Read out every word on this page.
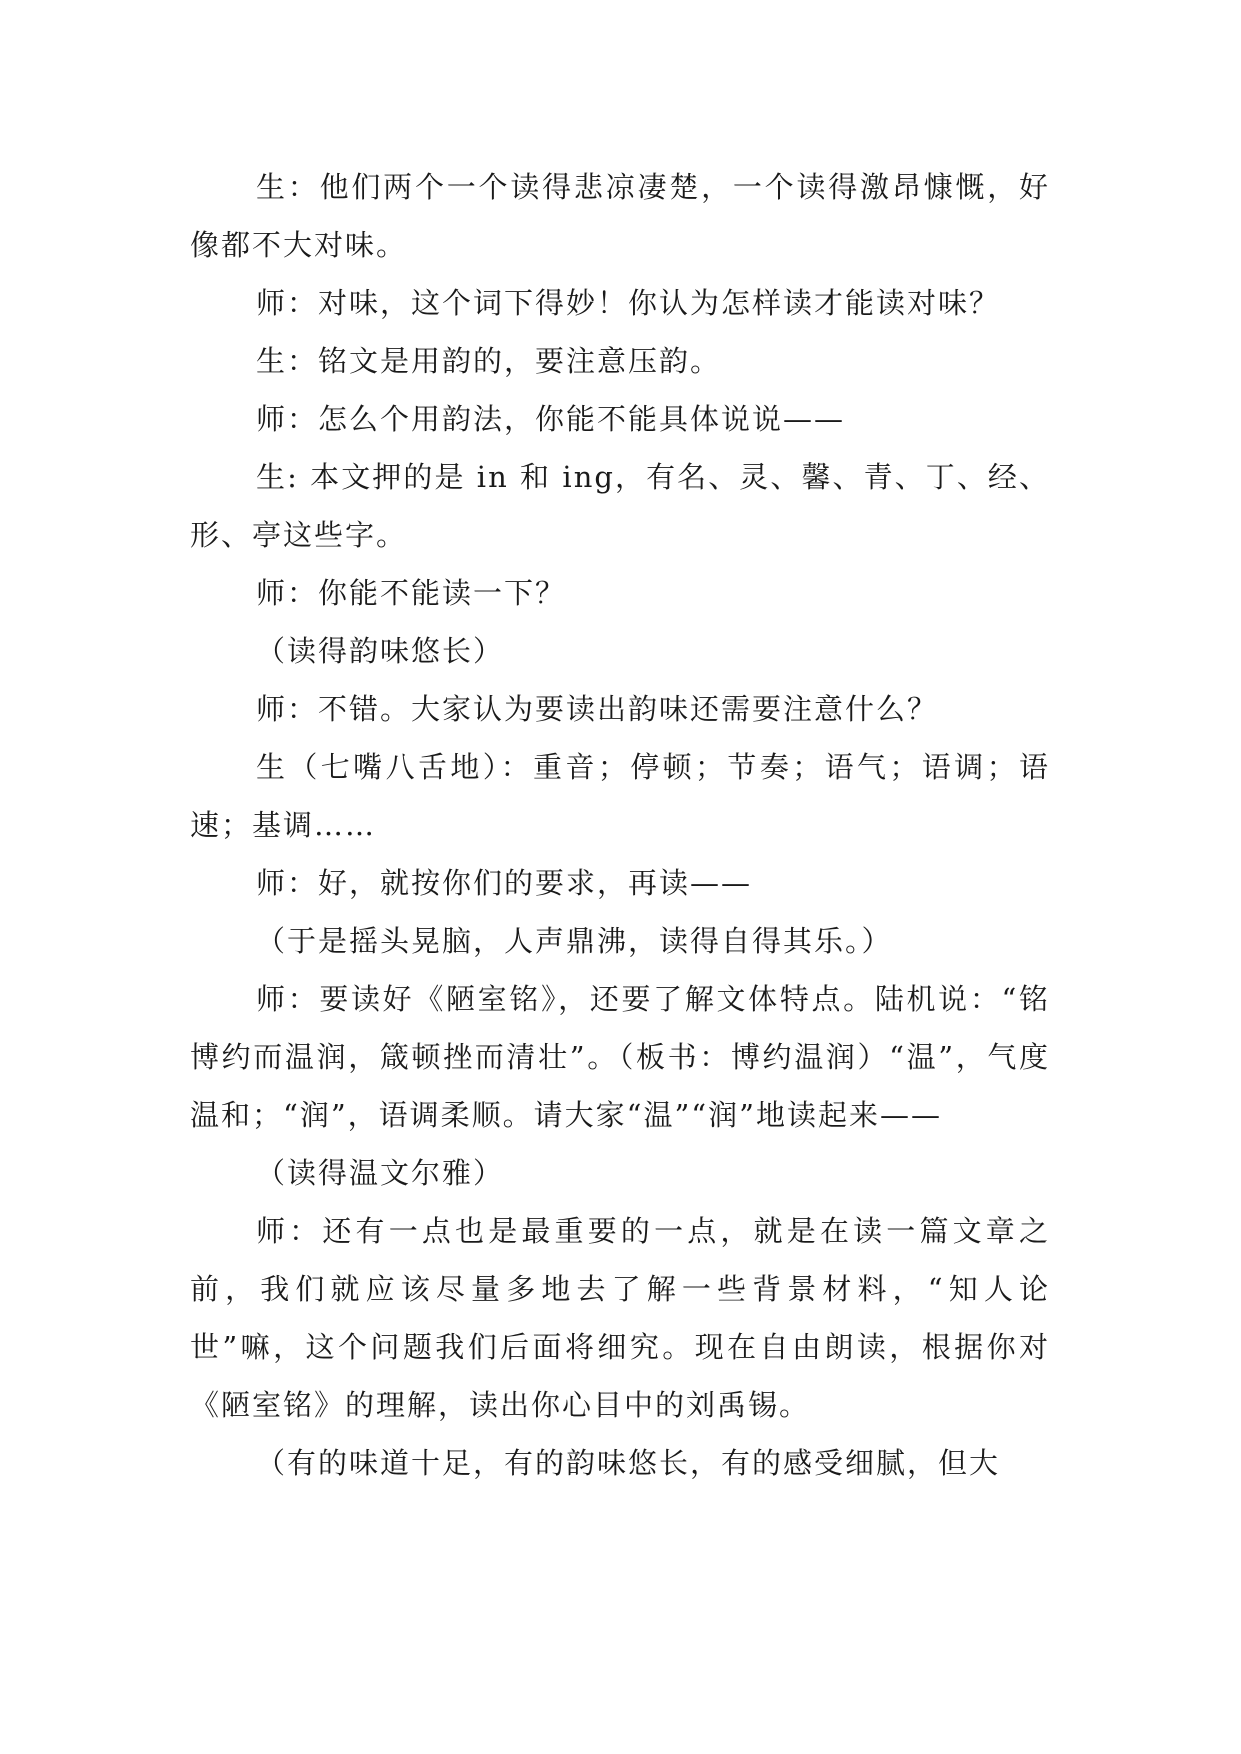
生：他们两个一个读得悲凉凄楚，一个读得激昂慷慨，好像都不大对味。

师：对味，这个词下得妙！你认为怎样读才能读对味？

生：铭文是用韵的，要注意压韵。

师：怎么个用韵法，你能不能具体说说——

生: 本文押的是 in 和 ing，有名、灵、馨、青、丁、经、形、亭这些字。

师：你能不能读一下？

（读得韵味悠长）

师：不错。大家认为要读出韵味还需要注意什么？

生（七嘴八舌地）：重音；停顿；节奏；语气；语调；语速；基调……

师：好，就按你们的要求，再读——

（于是摇头晃脑，人声鼎沸，读得自得其乐。）

师：要读好《陋室铭》，还要了解文体特点。陆机说：“铭博约而温润，箴顿挫而清壮”。（板书：博约温润）“温”，气度温和；“润”，语调柔顺。请大家“温”“润”地读起来——

（读得温文尔雅）

师：还有一点也是最重要的一点，就是在读一篇文章之前，我们就应该尽量多地去了解一些背景材料，“知人论世”嘛，这个问题我们后面将细究。现在自由朗读，根据你对《陋室铭》的理解，读出你心目中的刘禹锡。

（有的味道十足，有的韵味悠长，有的感受细腻，但大
